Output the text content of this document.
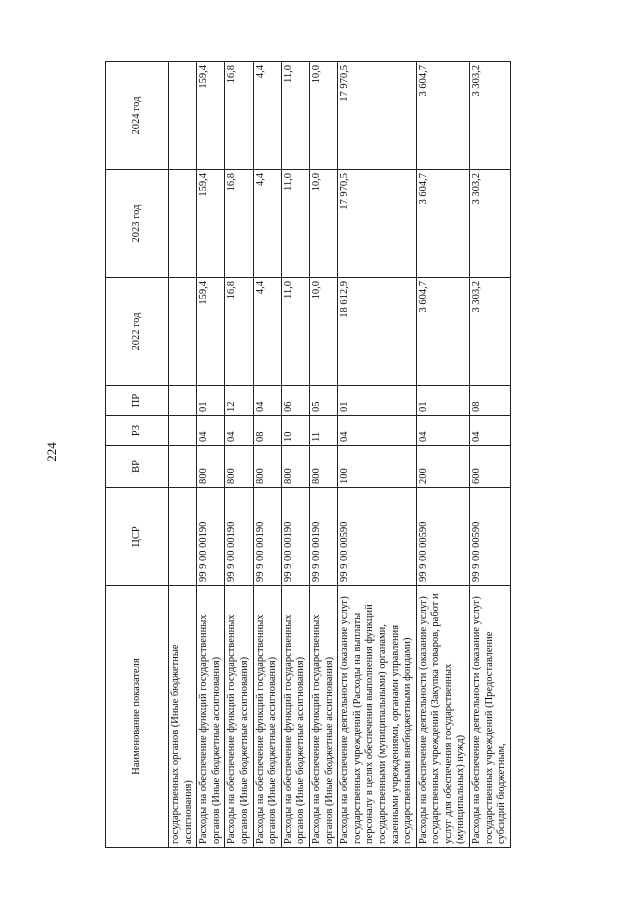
224
Наименование показателя	ЦСР	ВР	РЗ	ПР	2022 год	2023 год	2024 год
государственных органов (Иные бюджетные ассигнования)							
Расходы на обеспечение функций государственных органов (Иные бюджетные ассигнования)	99 9 00 00190	800	04	01	159,4	159,4	159,4
Расходы на обеспечение функций государственных органов (Иные бюджетные ассигнования)	99 9 00 00190	800	04	12	16,8	16,8	16,8
Расходы на обеспечение функций государственных органов (Иные бюджетные ассигнования)	99 9 00 00190	800	08	04	4,4	4,4	4,4
Расходы на обеспечение функций государственных органов (Иные бюджетные ассигнования)	99 9 00 00190	800	10	06	11,0	11,0	11,0
Расходы на обеспечение функций государственных органов (Иные бюджетные ассигнования)	99 9 00 00190	800	11	05	10,0	10,0	10,0
Расходы на обеспечение деятельности (оказание услуг) государственных учреждений (Расходы на выплаты персоналу в целях обеспечения выполнения функций государственными (муниципальными) органами, казенными учреждениями, органами управления государственными внебюджетными фондами)	99 9 00 00590	100	04	01	18 612,9	17 970,5	17 970,5
Расходы на обеспечение деятельности (оказание услуг) государственных учреждений (Закупка товаров, работ и услуг для обеспечения государственных (муниципальных) нужд)	99 9 00 00590	200	04	01	3 604,7	3 604,7	3 604,7
Расходы на обеспечение деятельности (оказание услуг) государственных учреждений (Предоставление субсидий бюджетным,	99 9 00 00590	600	04	08	3 303,2	3 303,2	3 303,2
